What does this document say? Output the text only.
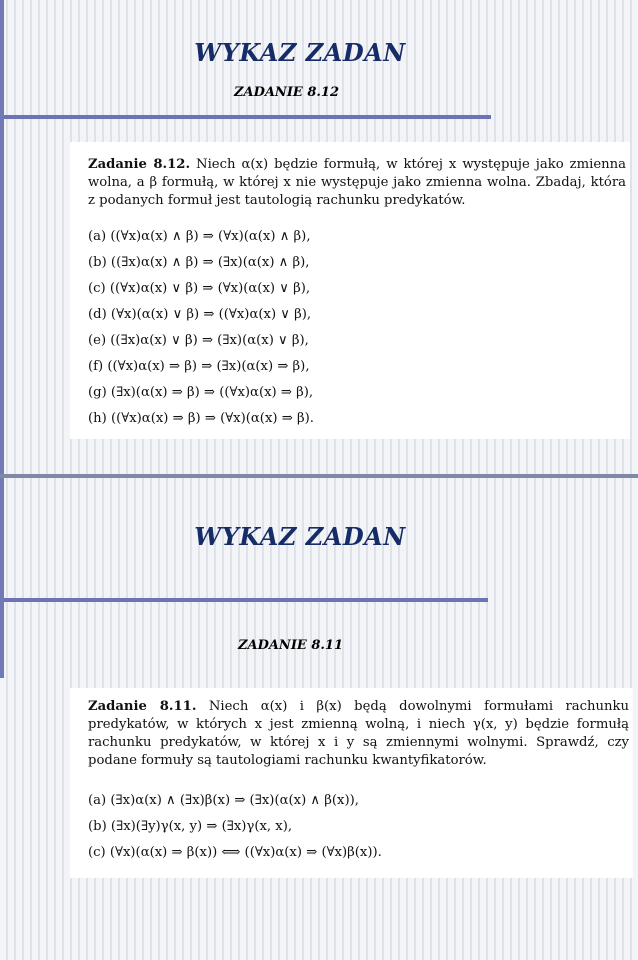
WYKAZ ZADAN
ZADANIE 8.12

Zadanie 8.12. Niech α(x) będzie formułą, w której x występuje jako zmienna wolna, a β formułą, w której x nie występuje jako zmienna wolna. Zbadaj, która z podanych formuł jest tautologią rachunku predykatów.

(a) ((∀x)α(x) ∧ β) ⇒ (∀x)(α(x) ∧ β),
(b) ((∃x)α(x) ∧ β) ⇒ (∃x)(α(x) ∧ β),
(c) ((∀x)α(x) ∨ β) ⇒ (∀x)(α(x) ∨ β),
(d) (∀x)(α(x) ∨ β) ⇒ ((∀x)α(x) ∨ β),
(e) ((∃x)α(x) ∨ β) ⇒ (∃x)(α(x) ∨ β),
(f) ((∀x)α(x) ⇒ β) ⇒ (∃x)(α(x) ⇒ β),
(g) (∃x)(α(x) ⇒ β) ⇒ ((∀x)α(x) ⇒ β),
(h) ((∀x)α(x) ⇒ β) ⇒ (∀x)(α(x) ⇒ β).
WYKAZ ZADAN
ZADANIE 8.11

Zadanie 8.11. Niech α(x) i β(x) będą dowolnymi formułami rachunku predykatów, w których x jest zmienną wolną, i niech γ(x, y) będzie formułą rachunku predykatów, w której x i y są zmiennymi wolnymi. Sprawdź, czy podane formuły są tautologiami rachunku kwantyfikatorów.

(a) (∃x)α(x) ∧ (∃x)β(x) ⇒ (∃x)(α(x) ∧ β(x)),
(b) (∃x)(∃y)γ(x, y) ⇒ (∃x)γ(x, x),
(c) (∀x)(α(x) ⇒ β(x)) ⟺ ((∀x)α(x) ⇒ (∀x)β(x)).
